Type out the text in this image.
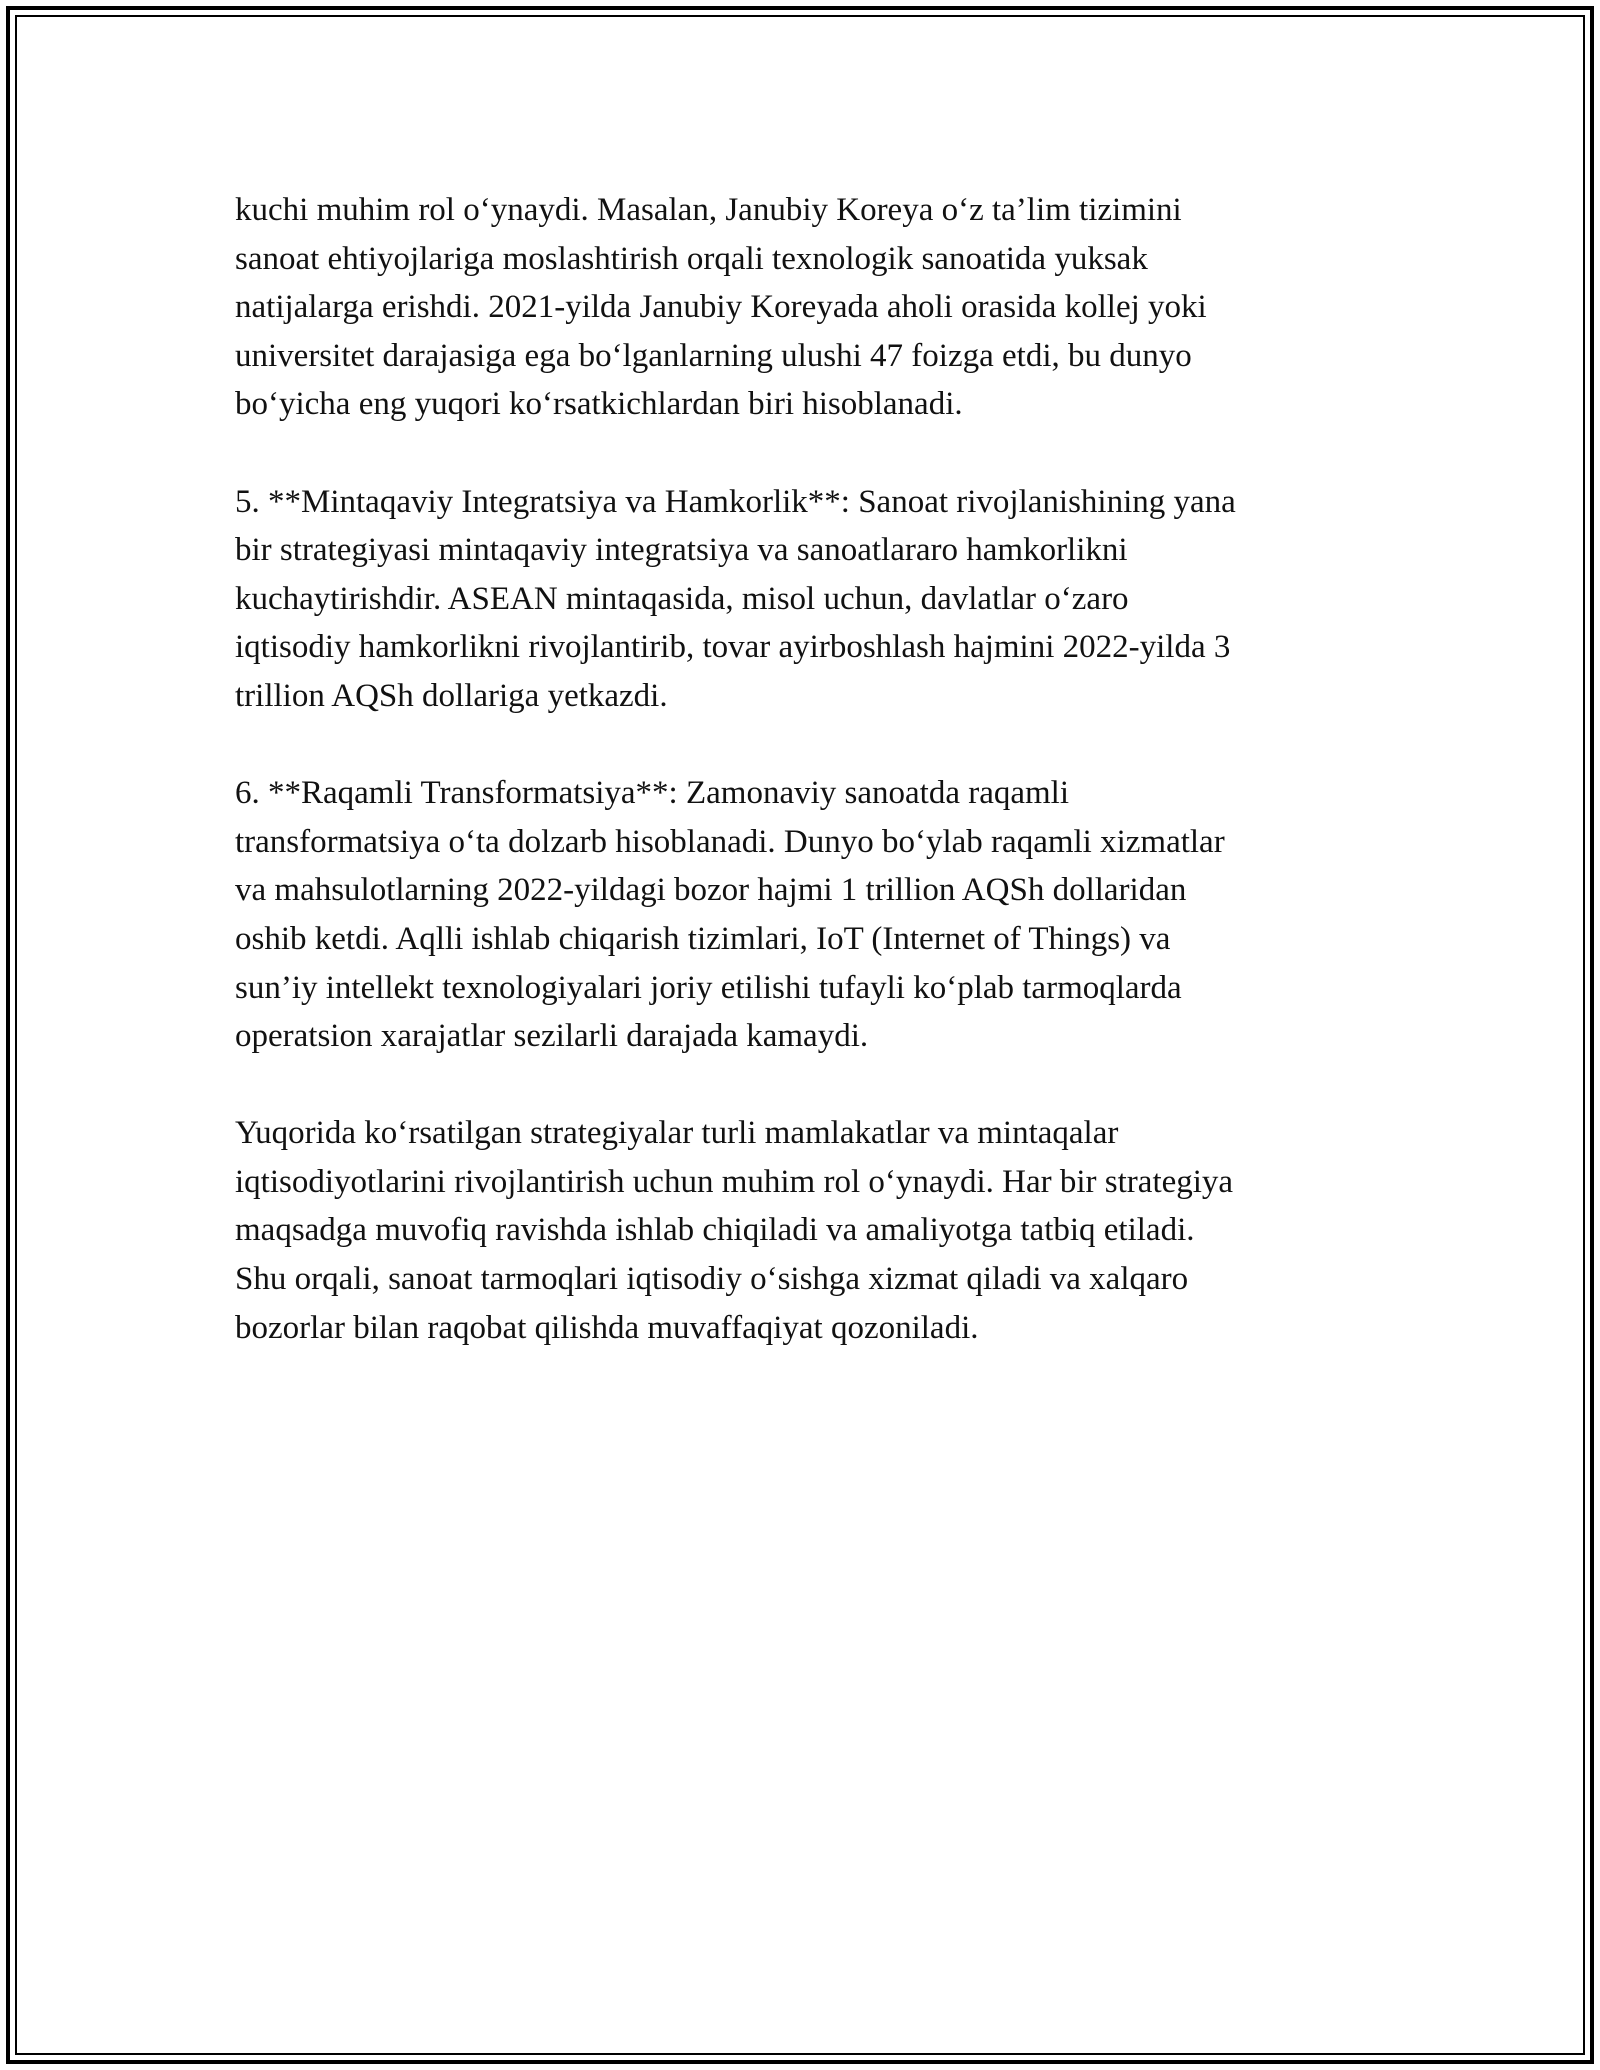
kuchi muhim rol o‘ynaydi. Masalan, Janubiy Koreya o‘z ta’lim tizimini
sanoat ehtiyojlariga moslashtirish orqali texnologik sanoatida yuksak
natijalarga erishdi. 2021-yilda Janubiy Koreyada aholi orasida kollej yoki
universitet darajasiga ega bo‘lganlarning ulushi 47 foizga etdi, bu dunyo
bo‘yicha eng yuqori ko‘rsatkichlardan biri hisoblanadi.

5. **Mintaqaviy Integratsiya va Hamkorlik**: Sanoat rivojlanishining yana
bir strategiyasi mintaqaviy integratsiya va sanoatlararo hamkorlikni
kuchaytirishdir. ASEAN mintaqasida, misol uchun, davlatlar o‘zaro
iqtisodiy hamkorlikni rivojlantirib, tovar ayirboshlash hajmini 2022-yilda 3
trillion AQSh dollariga yetkazdi.

6. **Raqamli Transformatsiya**: Zamonaviy sanoatda raqamli
transformatsiya o‘ta dolzarb hisoblanadi. Dunyo bo‘ylab raqamli xizmatlar
va mahsulotlarning 2022-yildagi bozor hajmi 1 trillion AQSh dollaridan
oshib ketdi. Aqlli ishlab chiqarish tizimlari, IoT (Internet of Things) va
sun’iy intellekt texnologiyalari joriy etilishi tufayli ko‘plab tarmoqlarda
operatsion xarajatlar sezilarli darajada kamaydi.

Yuqorida ko‘rsatilgan strategiyalar turli mamlakatlar va mintaqalar
iqtisodiyotlarini rivojlantirish uchun muhim rol o‘ynaydi. Har bir strategiya
maqsadga muvofiq ravishda ishlab chiqiladi va amaliyotga tatbiq etiladi.
Shu orqali, sanoat tarmoqlari iqtisodiy o‘sishga xizmat qiladi va xalqaro
bozorlar bilan raqobat qilishda muvaffaqiyat qozoniladi.
